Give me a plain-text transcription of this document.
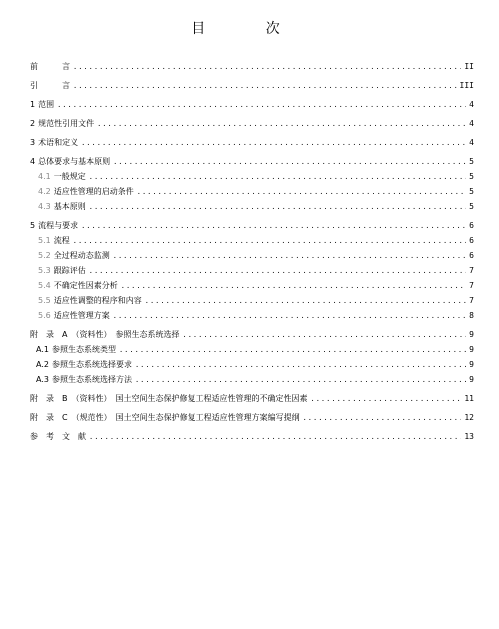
目 次
前　　　言 .....	II
引　　　言 .....	III
1 范围 .....	4
2 规范性引用文件 .....	4
3 术语和定义 .....	4
4 总体要求与基本原则 .....	5
4.1 一般规定 .....	5
4.2 适应性管理的启动条件 .....	5
4.3 基本原则 .....	5
5 流程与要求 .....	6
5.1 流程 .....	6
5.2 全过程动态监测 .....	6
5.3 跟踪评估 .....	7
5.4 不确定性因素分析 .....	7
5.5 适应性调整的程序和内容 .....	7
5.6 适应性管理方案 .....	8
附　录　A　（资料性）　参照生态系统选择 .....	9
A.1 参照生态系统类型 .....	9
A.2 参照生态系统选择要求 .....	9
A.3 参照生态系统选择方法 .....	9
附　录　B　（资料性）　国土空间生态保护修复工程适应性管理的不确定性因素 .....	11
附　录　C　（规范性）　国土空间生态保护修复工程适应性管理方案编写提纲 .....	12
参　考　文　献 .....	13
